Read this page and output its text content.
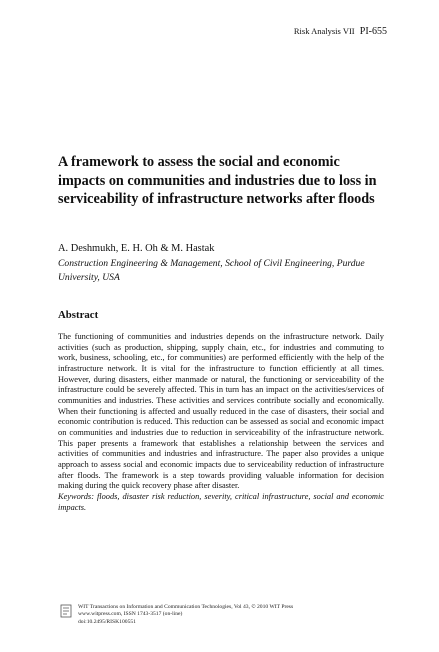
Risk Analysis VII PI-655
A framework to assess the social and economic impacts on communities and industries due to loss in serviceability of infrastructure networks after floods

A. Deshmukh, E. H. Oh & M. Hastak

Construction Engineering & Management, School of Civil Engineering, Purdue University, USA

Abstract

The functioning of communities and industries depends on the infrastructure network. Daily activities (such as production, shipping, supply chain, etc., for industries and commuting to work, business, schooling, etc., for communities) are performed efficiently with the help of the infrastructure network. It is vital for the infrastructure to function efficiently at all times. However, during disasters, either manmade or natural, the functioning or serviceability of the infrastructure could be severely affected. This in turn has an impact on the activities/services of communities and industries. These activities and services contribute socially and economically. When their functioning is affected and usually reduced in the case of disasters, their social and economic contribution is reduced. This reduction can be assessed as social and economic impact on communities and industries due to reduction in serviceability of the infrastructure network. This paper presents a framework that establishes a relationship between the services and activities of communities and industries and infrastructure. The paper also provides a unique approach to assess social and economic impacts due to serviceability reduction of infrastructure after floods. The framework is a step towards providing valuable information for decision making during the quick recovery phase after disaster.
Keywords: floods, disaster risk reduction, severity, critical infrastructure, social and economic impacts.

WIT Transactions on Information and Communication Technologies, Vol 43, © 2010 WIT Press
www.witpress.com, ISSN 1743-3517 (on-line)
doi:10.2495/RISK100551
